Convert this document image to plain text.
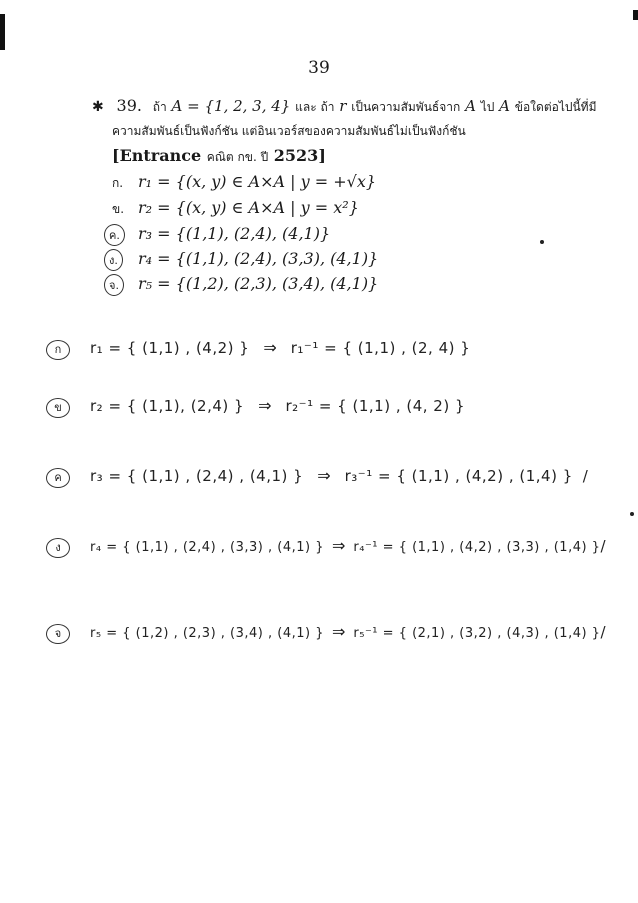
39
✱ 39. ถ้า A = {1, 2, 3, 4} และ ถ้า r เป็นความสัมพันธ์จาก A ไป A ข้อใดต่อไปนี้ที่มี
ความสัมพันธ์เป็นฟังก์ชัน แต่อินเวอร์สของความสัมพันธ์ไม่เป็นฟังก์ชัน
[Entrance คณิต กข. ปี 2523]
ก. r₁ = {(x, y) ∈ A×A | y = +√x}
ข. r₂ = {(x, y) ∈ A×A | y = x²}
ค. r₃ = {(1,1), (2,4), (4,1)}
ง. r₄ = {(1,1), (2,4), (3,3), (4,1)}
จ. r₅ = {(1,2), (2,3), (3,4), (4,1)}
ก r₁ = { (1,1) , (4,2) } ⇒ r₁⁻¹ = { (1,1) , (2, 4) }
ข r₂ = { (1,1), (2,4) } ⇒ r₂⁻¹ = { (1,1) , (4, 2) }
ค r₃ = { (1,1) , (2,4) , (4,1) } ⇒ r₃⁻¹ = { (1,1) , (4,2) , (1,4) } /
ง r₄ = { (1,1) , (2,4) , (3,3) , (4,1) } ⇒ r₄⁻¹ = { (1,1) , (4,2) , (3,3) , (1,4) }/
จ r₅ = { (1,2) , (2,3) , (3,4) , (4,1) } ⇒ r₅⁻¹ = { (2,1) , (3,2) , (4,3) , (1,4) }/
